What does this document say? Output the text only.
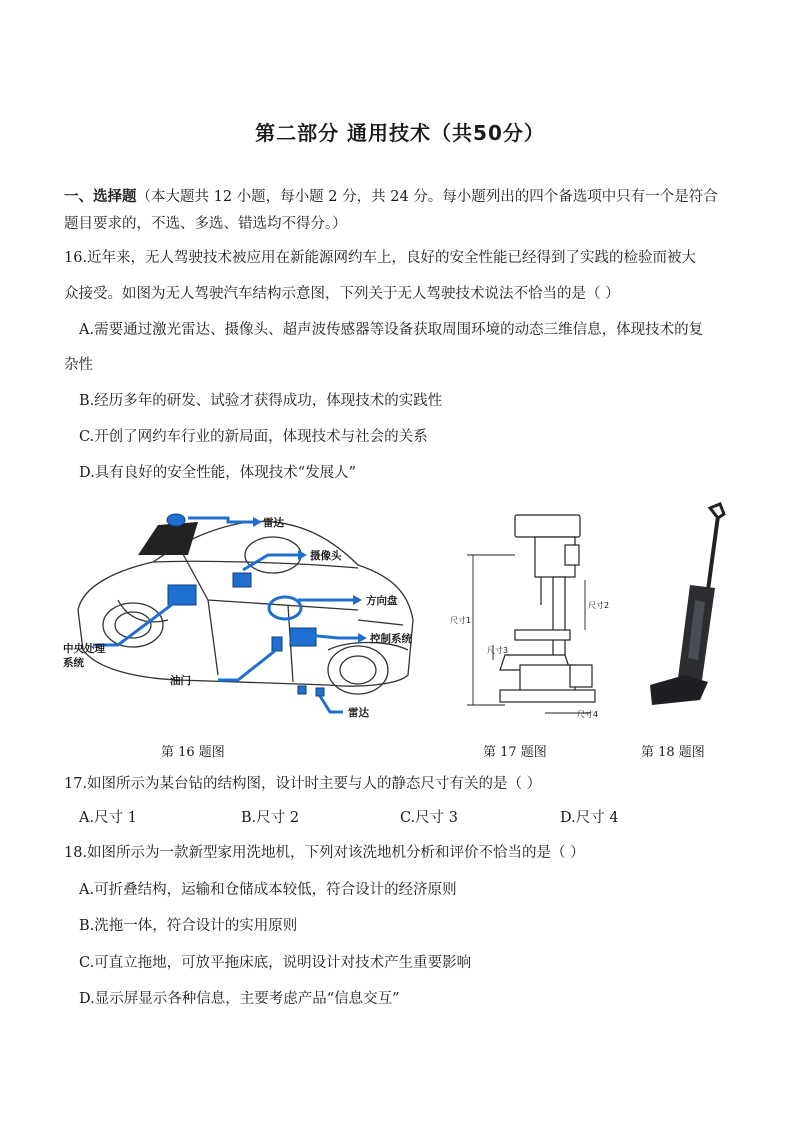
第二部分 通用技术（共50分）
一、选择题（本大题共 12 小题，每小题 2 分，共 24 分。每小题列出的四个备选项中只有一个是符合
题目要求的，不选、多选、错选均不得分。）
16.近年来，无人驾驶技术被应用在新能源网约车上，良好的安全性能已经得到了实践的检验而被大
众接受。如图为无人驾驶汽车结构示意图，下列关于无人驾驶技术说法不恰当的是（ ）
A.需要通过激光雷达、摄像头、超声波传感器等设备获取周围环境的动态三维信息，体现技术的复
杂性
B.经历多年的研发、试验才获得成功，体现技术的实践性
C.开创了网约车行业的新局面，体现技术与社会的关系
D.具有良好的安全性能，体现技术“发展人”
雷达
摄像头
方向盘
控制系统
中央处理
系统
油门
雷达
尺寸1
尺寸2
尺寸3
尺寸4
第 16 题图	第 17 题图	第 18 题图
17.如图所示为某台钻的结构图，设计时主要与人的静态尺寸有关的是（ ）
A.尺寸 1	B.尺寸 2	C.尺寸 3	D.尺寸 4
18.如图所示为一款新型家用洗地机，下列对该洗地机分析和评价不恰当的是（ ）
A.可折叠结构，运输和仓储成本较低，符合设计的经济原则
B.洗拖一体，符合设计的实用原则
C.可直立拖地，可放平拖床底，说明设计对技术产生重要影响
D.显示屏显示各种信息，主要考虑产品“信息交互”
